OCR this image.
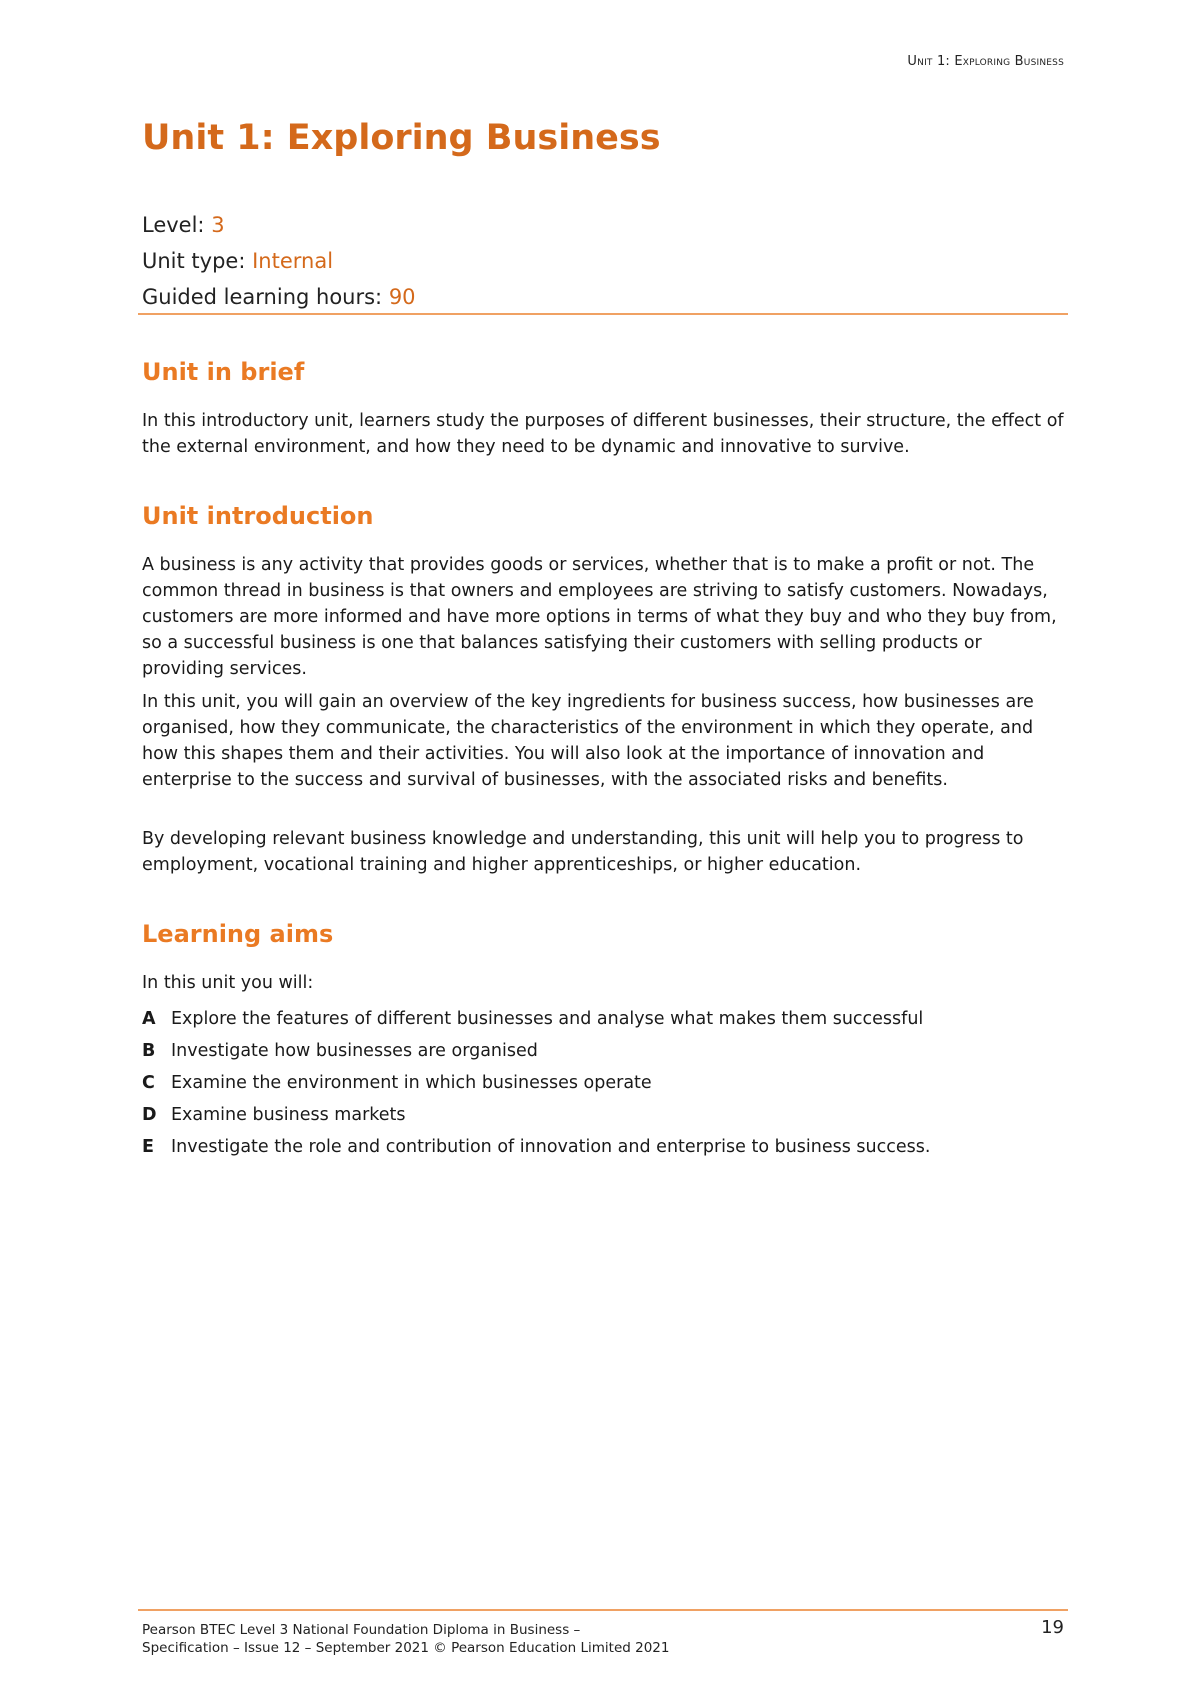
Unit 1: Exploring Business
Unit 1: Exploring Business
Level: 3
Unit type: Internal
Guided learning hours: 90
Unit in brief

In this introductory unit, learners study the purposes of different businesses, their structure, the effect of the external environment, and how they need to be dynamic and innovative to survive.

Unit introduction

A business is any activity that provides goods or services, whether that is to make a profit or not. The common thread in business is that owners and employees are striving to satisfy customers. Nowadays, customers are more informed and have more options in terms of what they buy and who they buy from, so a successful business is one that balances satisfying their customers with selling products or providing services.

In this unit, you will gain an overview of the key ingredients for business success, how businesses are organised, how they communicate, the characteristics of the environment in which they operate, and how this shapes them and their activities. You will also look at the importance of innovation and enterprise to the success and survival of businesses, with the associated risks and benefits.

By developing relevant business knowledge and understanding, this unit will help you to progress to employment, vocational training and higher apprenticeships, or higher education.

Learning aims

In this unit you will:

A Explore the features of different businesses and analyse what makes them successful
B Investigate how businesses are organised
C Examine the environment in which businesses operate
D Examine business markets
E Investigate the role and contribution of innovation and enterprise to business success.
Pearson BTEC Level 3 National Foundation Diploma in Business –
Specification – Issue 12 – September 2021 © Pearson Education Limited 2021
19
